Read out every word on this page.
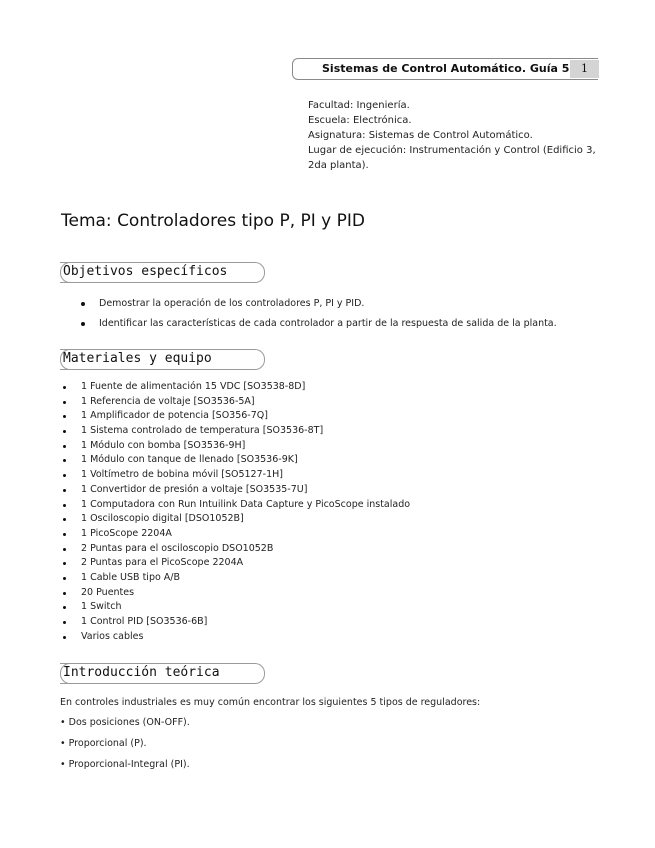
Sistemas de Control Automático. Guía 5	1
Facultad: Ingeniería.
Escuela: Electrónica.
Asignatura: Sistemas de Control Automático.
Lugar de ejecución: Instrumentación y Control (Edificio 3, 2da planta).
Tema: Controladores tipo P, PI y PID
Objetivos específicos
Demostrar la operación de los controladores P, PI y PID.
Identificar las características de cada controlador a partir de la respuesta de salida de la planta.
Materiales y equipo
1 Fuente de alimentación 15 VDC [SO3538-8D]
1 Referencia de voltaje [SO3536-5A]
1 Amplificador de potencia [SO356-7Q]
1 Sistema controlado de temperatura [SO3536-8T]
1 Módulo con bomba [SO3536-9H]
1 Módulo con tanque de llenado [SO3536-9K]
1 Voltímetro de bobina móvil [SO5127-1H]
1 Convertidor de presión a voltaje [SO3535-7U]
1 Computadora con Run Intuilink Data Capture y PicoScope instalado
1 Osciloscopio digital [DSO1052B]
1 PicoScope 2204A
2 Puntas para el osciloscopio DSO1052B
2 Puntas para el PicoScope 2204A
1 Cable USB tipo A/B
20 Puentes
1 Switch
1 Control PID [SO3536-6B]
Varios cables
Introducción teórica
En controles industriales es muy común encontrar los siguientes 5 tipos de reguladores:
• Dos posiciones (ON-OFF).
• Proporcional (P).
• Proporcional-Integral (PI).
